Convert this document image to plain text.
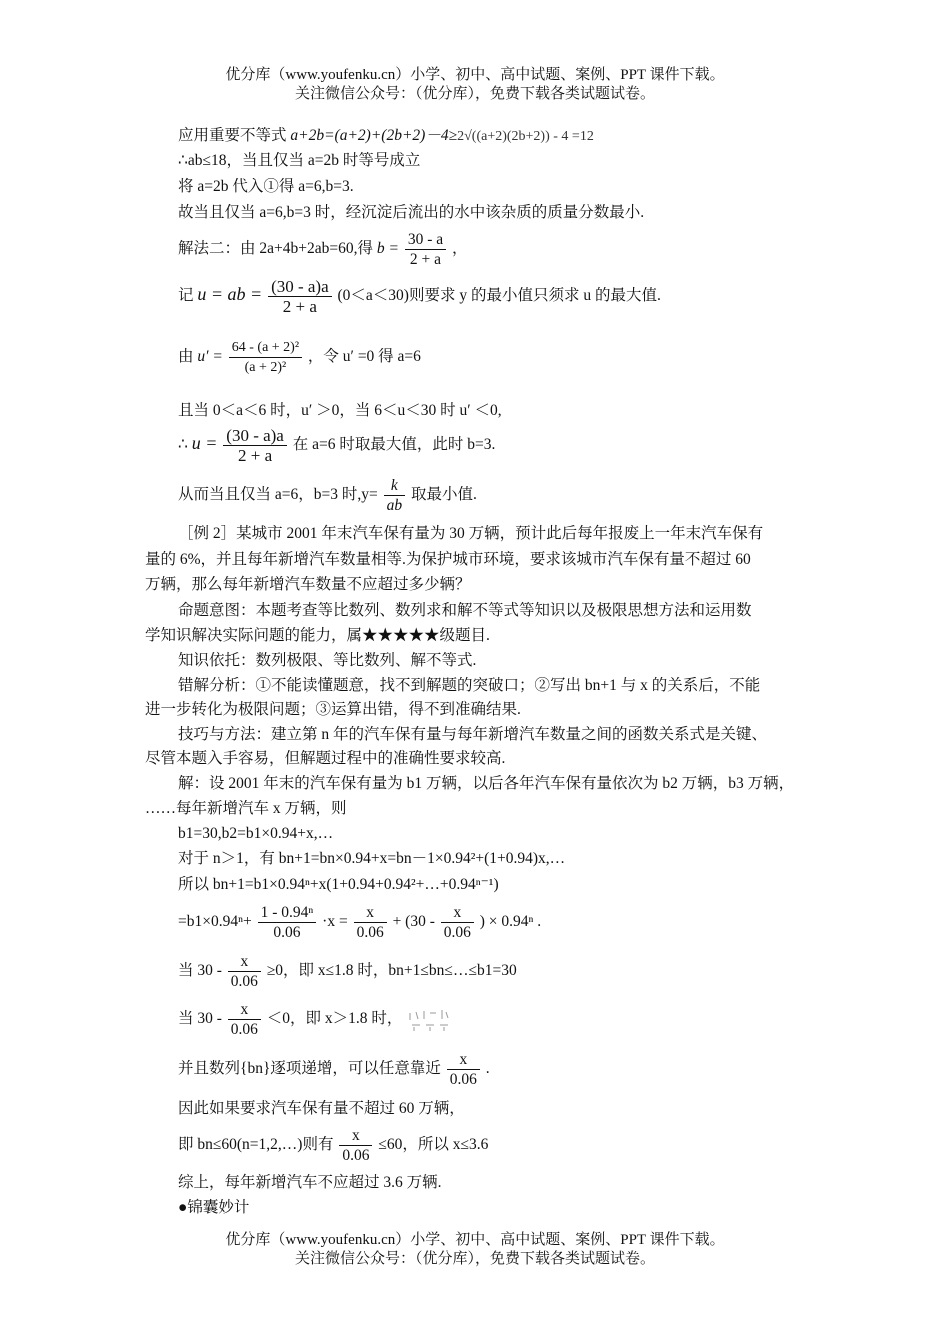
优分库（www.youfenku.cn）小学、初中、高中试题、案例、PPT 课件下载。
关注微信公众号：（优分库），免费下载各类试题试卷。
应用重要不等式 a+2b=(a+2)+(2b+2)－4≥2√((a+2)(2b+2)) - 4 =12
∴ab≤18，当且仅当 a=2b 时等号成立
将 a=2b 代入①得 a=6,b=3.
故当且仅当 a=6,b=3 时，经沉淀后流出的水中该杂质的质量分数最小.
解法二：由 2a+4b+2ab=60,得 $b = \frac{30 - a}{2 + a}$ ，
记 u = ab = $\frac{(30 - a)a}{2 + a} (0<a<30)$则要求 y 的最小值只须求 u 的最大值.
由 $u' = \frac{\text{64 - (a + 2)²}}{\text{(a + 2)²}}$ ，令 u′ =0 得 a=6
且当 0＜a＜6 时，u′ ＞0，当 6＜u＜30 时 u′ ＜0,
∴ $u = \frac{(30 - a)a}{2 + a}$ 在 a=6 时取最大值，此时 b=3.
从而当且仅当 a=6，b=3 时$,y= \frac{k}{ab}$ 取最小值.
［例 2］某城市 2001 年末汽车保有量为 30 万辆，预计此后每年报废上一年末汽车保有
量的 6%，并且每年新增汽车数量相等.为保护城市环境，要求该城市汽车保有量不超过 60
万辆，那么每年新增汽车数量不应超过多少辆？
命题意图：本题考查等比数列、数列求和解不等式等知识以及极限思想方法和运用数
学知识解决实际问题的能力，属★★★★★级题目.
知识依托：数列极限、等比数列、解不等式.
错解分析：①不能读懂题意，找不到解题的突破口；②写出 bn+1 与 x 的关系后，不能
进一步转化为极限问题；③运算出错，得不到准确结果.
技巧与方法：建立第 n 年的汽车保有量与每年新增汽车数量之间的函数关系式是关键、
尽管本题入手容易，但解题过程中的准确性要求较高.
解：设 2001 年末的汽车保有量为 b1 万辆，以后各年汽车保有量依次为 b2 万辆，b3 万辆，
……每年新增汽车 x 万辆，则
b1=30,b2=b1×0.94+x,…
对于 n＞1，有 bn+1=bn×0.94+x=bn－1×0.94²+(1+0.94)x,…
所以 bn+1=b1×0.94ⁿ+x(1+0.94+0.94²+…+0.94ⁿ⁻¹)
$=b1\times 0.94^n+ \frac{\text{1 - 0.94ⁿ}}{0.06} \cdot x = \frac{x}{0.06} + (30 - \frac{x}{0.06}$ ) × 0.94ⁿ .
当 $30 - \frac{x}{0.06} \ge 0$，即 x≤1.8 时，bn+1≤bn≤…≤b1=30
当 $30 - \frac{x}{0.06} <0$，即 x＞1.8 时，
并且数列{bn}逐项递增，可以任意靠近 $\frac{x}{0.06}$ .
因此如果要求汽车保有量不超过 60 万辆，
即 bn≤60(n=1,2,…)则有 $\frac{x}{0.06} \le 60$，所以 x≤3.6
综上，每年新增汽车不应超过 3.6 万辆.
●锦囊妙计
优分库（www.youfenku.cn）小学、初中、高中试题、案例、PPT 课件下载。
关注微信公众号：（优分库），免费下载各类试题试卷。
